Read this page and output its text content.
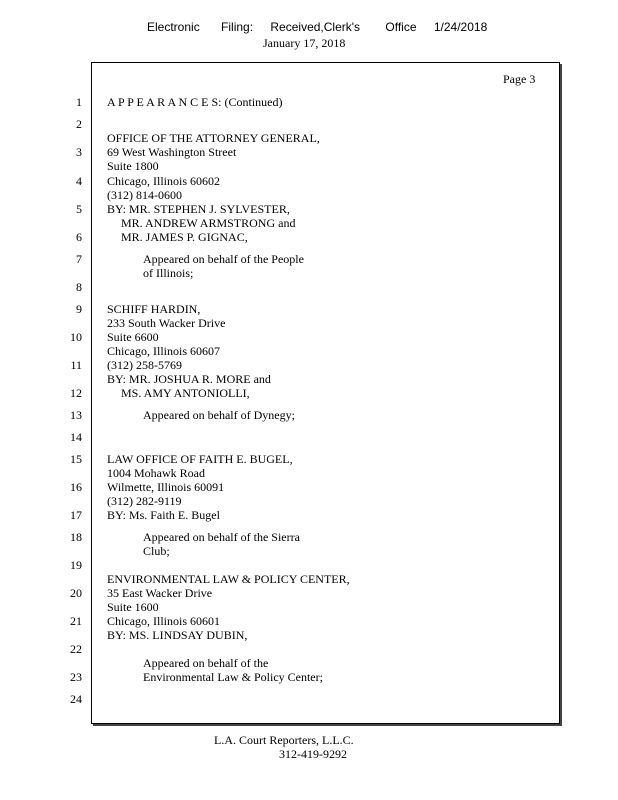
Electronic Filing: Received,Clerk's Office 1/24/2018
January 17, 2018
Page 3
1
2
3
4
5
6
7
8
9
10
11
12
13
14
15
16
17
18
19
20
21
22
23
24
A P P E A R A N C E S: (Continued)
OFFICE OF THE ATTORNEY GENERAL,
69 West Washington Street
Suite 1800
Chicago, Illinois 60602
(312) 814-0600
BY: MR. STEPHEN J. SYLVESTER,
MR. ANDREW ARMSTRONG and
MR. JAMES P. GIGNAC,
Appeared on behalf of the People
of Illinois;
SCHIFF HARDIN,
233 South Wacker Drive
Suite 6600
Chicago, Illinois 60607
(312) 258-5769
BY: MR. JOSHUA R. MORE and
MS. AMY ANTONIOLLI,
Appeared on behalf of Dynegy;
LAW OFFICE OF FAITH E. BUGEL,
1004 Mohawk Road
Wilmette, Illinois 60091
(312) 282-9119
BY: Ms. Faith E. Bugel
Appeared on behalf of the Sierra
Club;
ENVIRONMENTAL LAW & POLICY CENTER,
35 East Wacker Drive
Suite 1600
Chicago, Illinois 60601
BY: MS. LINDSAY DUBIN,
Appeared on behalf of the
Environmental Law & Policy Center;
L.A. Court Reporters, L.L.C.
312-419-9292
